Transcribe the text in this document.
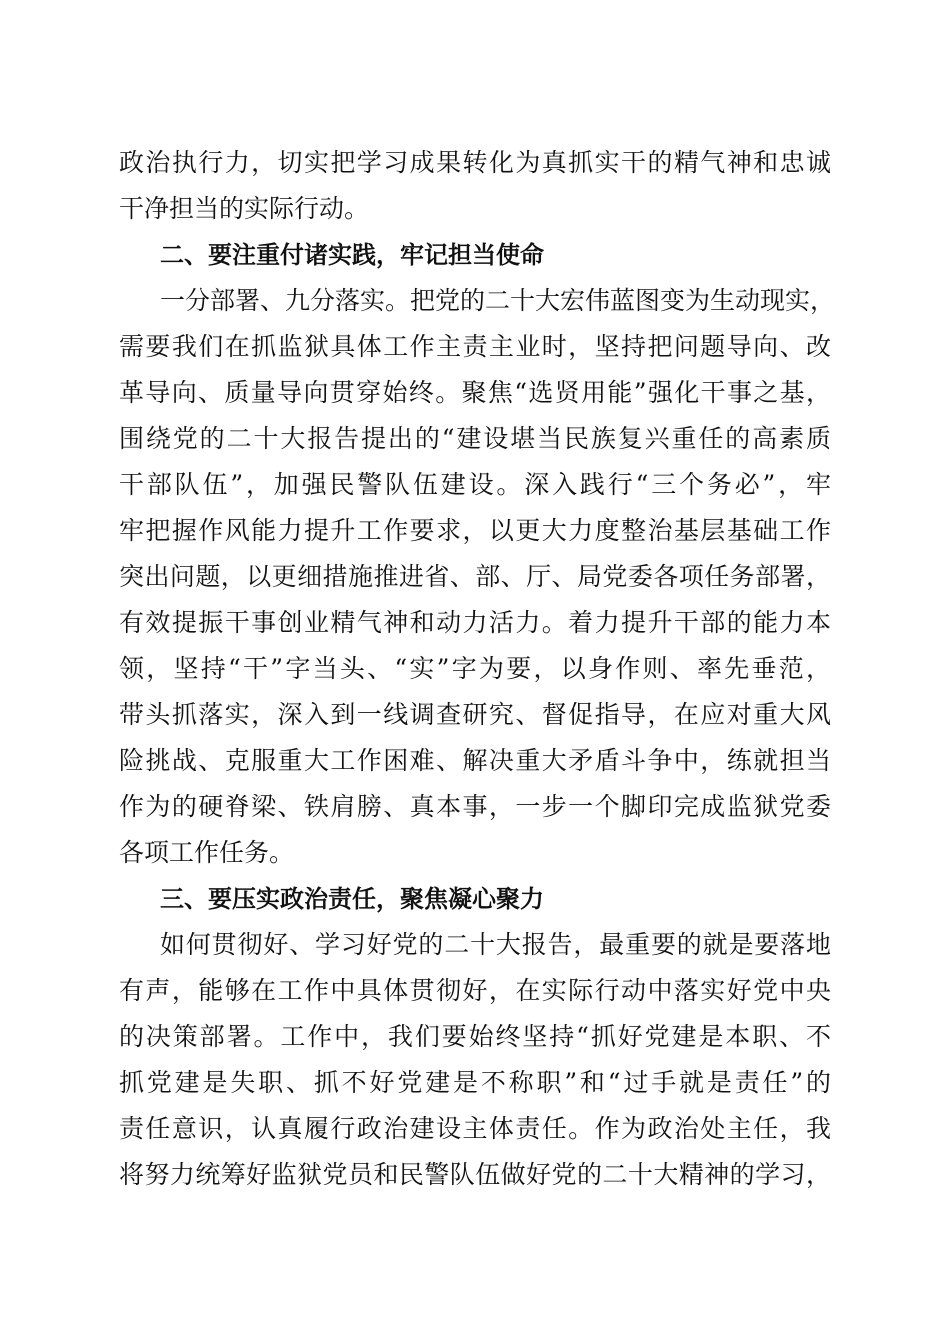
政治执行力，切实把学习成果转化为真抓实干的精气神和忠诚
干净担当的实际行动。
二、要注重付诸实践，牢记担当使命
一分部署、九分落实。把党的二十大宏伟蓝图变为生动现实，
需要我们在抓监狱具体工作主责主业时，坚持把问题导向、改
革导向、质量导向贯穿始终。聚焦“选贤用能”强化干事之基，
围绕党的二十大报告提出的“建设堪当民族复兴重任的高素质
干部队伍”，加强民警队伍建设。深入践行“三个务必”，牢
牢把握作风能力提升工作要求，以更大力度整治基层基础工作
突出问题，以更细措施推进省、部、厅、局党委各项任务部署，
有效提振干事创业精气神和动力活力。着力提升干部的能力本
领，坚持“干”字当头、“实”字为要，以身作则、率先垂范，
带头抓落实，深入到一线调查研究、督促指导，在应对重大风
险挑战、克服重大工作困难、解决重大矛盾斗争中，练就担当
作为的硬脊梁、铁肩膀、真本事，一步一个脚印完成监狱党委
各项工作任务。
三、要压实政治责任，聚焦凝心聚力
如何贯彻好、学习好党的二十大报告，最重要的就是要落地
有声，能够在工作中具体贯彻好，在实际行动中落实好党中央
的决策部署。工作中，我们要始终坚持“抓好党建是本职、不
抓党建是失职、抓不好党建是不称职”和“过手就是责任”的
责任意识，认真履行政治建设主体责任。作为政治处主任，我
将努力统筹好监狱党员和民警队伍做好党的二十大精神的学习，
